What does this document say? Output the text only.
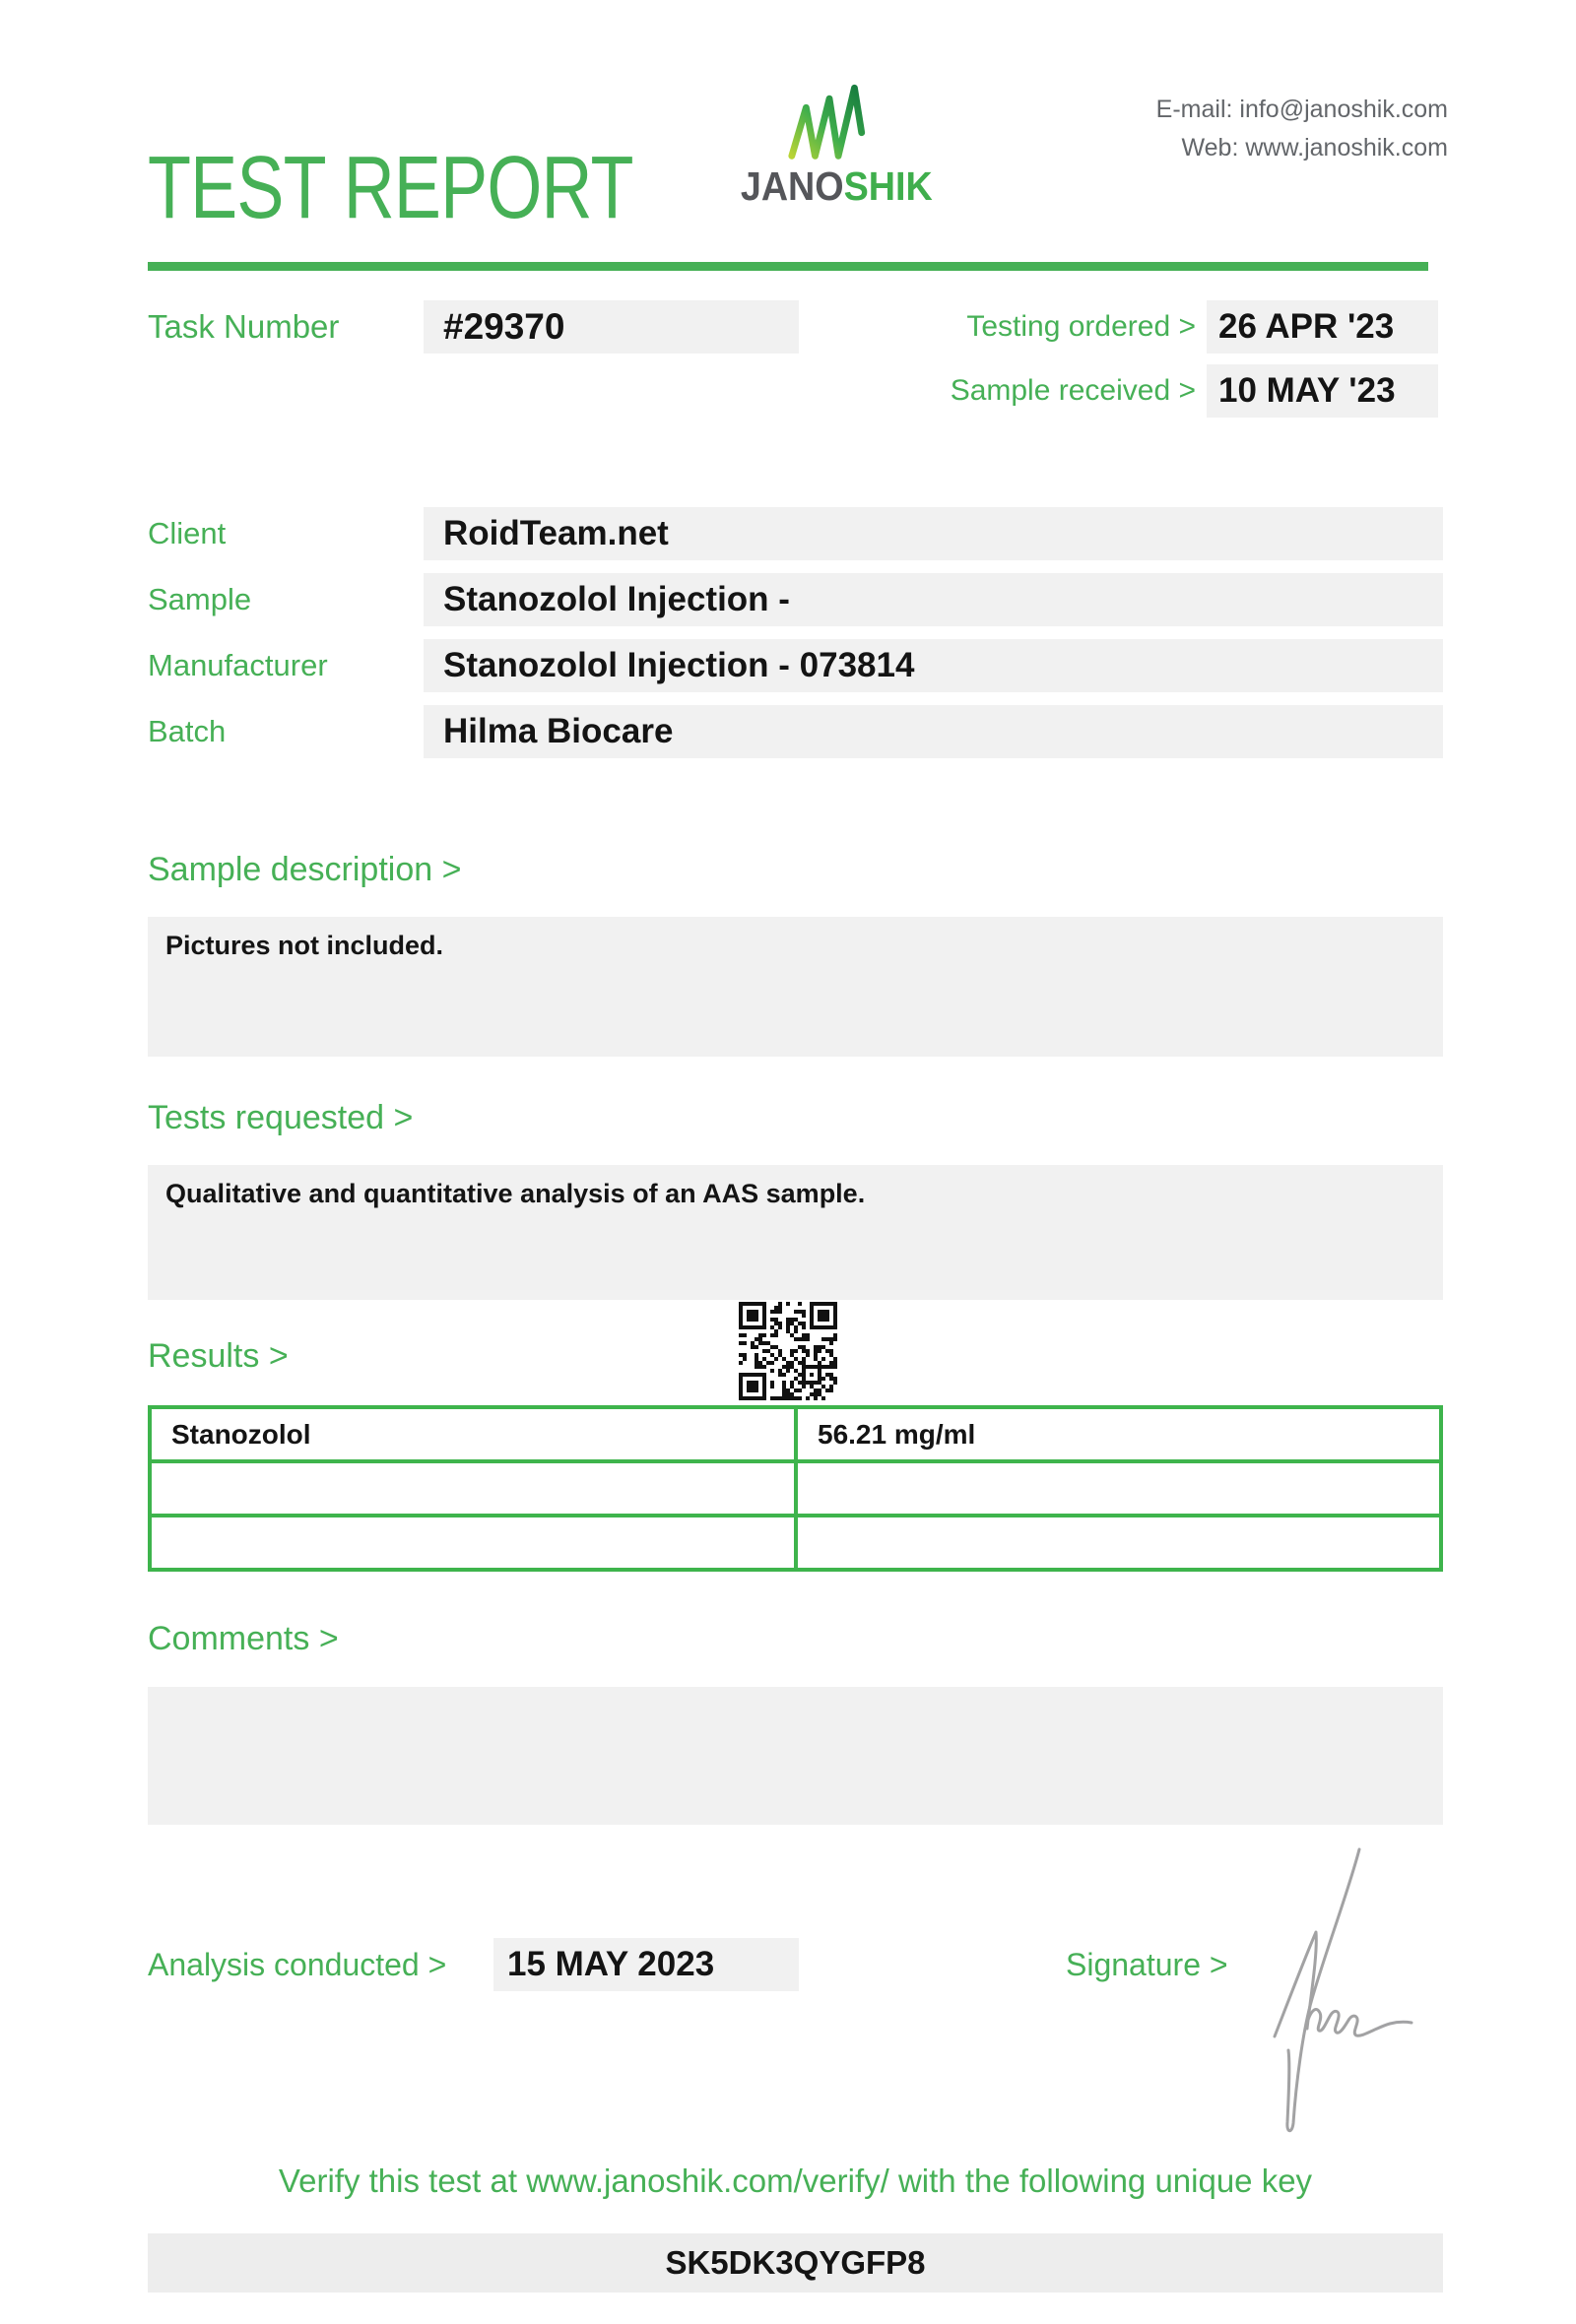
TEST REPORT	JANOSHIK
E-mail: info@janoshik.com
Web: www.janoshik.com
Task Number	#29370	Testing ordered > 26 APR '23
Sample received > 10 MAY '23
Client	RoidTeam.net
Sample	Stanozolol Injection -
Manufacturer	Stanozolol Injection - 073814
Batch	Hilma Biocare
Sample description >
Pictures not included.
Tests requested >
Qualitative and quantitative analysis of an AAS sample.
Results >
Stanozolol	56.21 mg/ml

Comments >
Analysis conducted >	15 MAY 2023	Signature >
Verify this test at www.janoshik.com/verify/ with the following unique key
SK5DK3QYGFP8
